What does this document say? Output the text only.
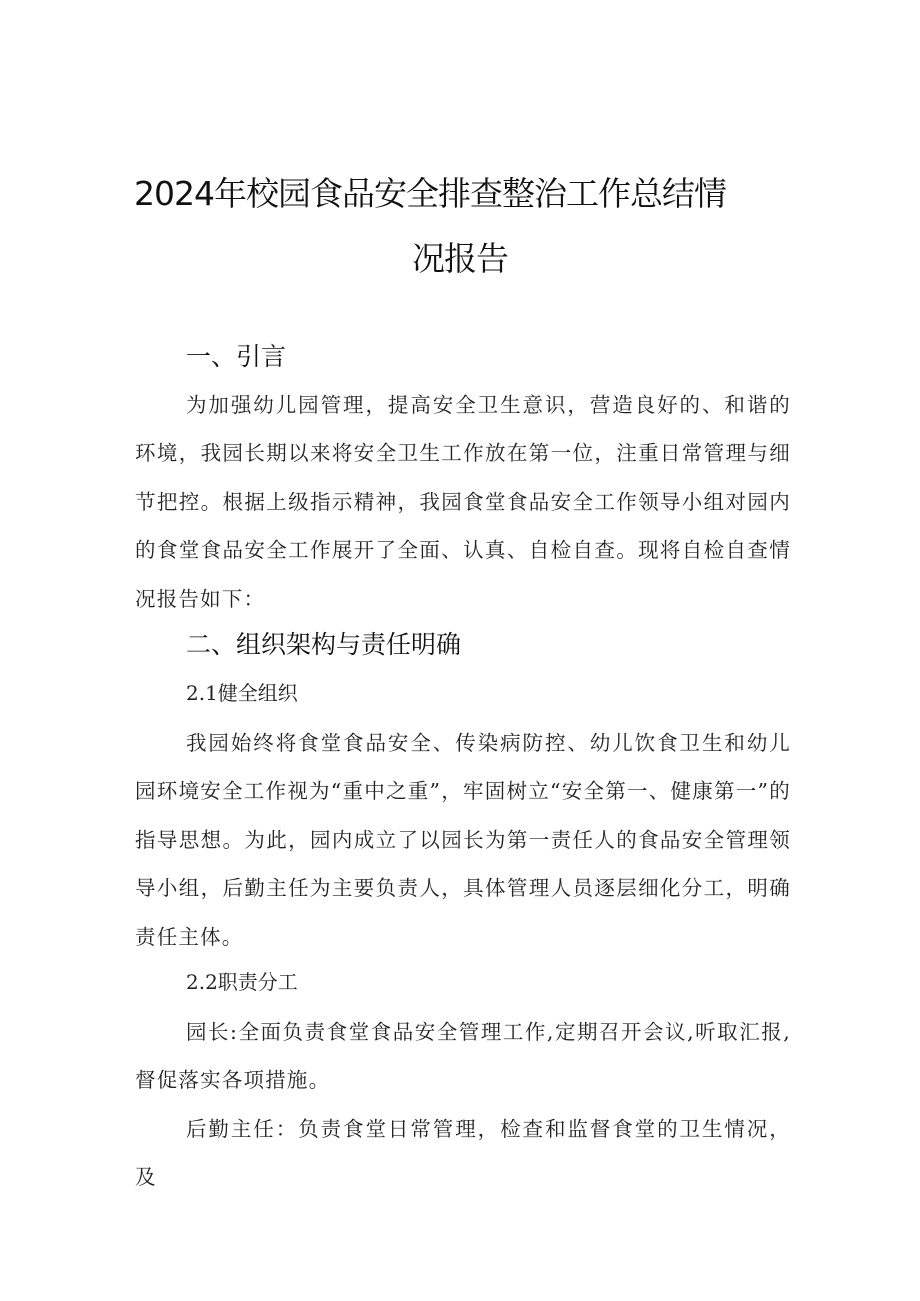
2024年校园食品安全排查整治工作总结情
况报告
一、引言

为加强幼儿园管理，提高安全卫生意识，营造良好的、和谐的环境，我园长期以来将安全卫生工作放在第一位，注重日常管理与细节把控。根据上级指示精神，我园食堂食品安全工作领导小组对园内的食堂食品安全工作展开了全面、认真、自检自查。现将自检自查情况报告如下：

二、组织架构与责任明确
2.1健全组织

我园始终将食堂食品安全、传染病防控、幼儿饮食卫生和幼儿园环境安全工作视为“重中之重”，牢固树立“安全第一、健康第一”的指导思想。为此，园内成立了以园长为第一责任人的食品安全管理领导小组，后勤主任为主要负责人，具体管理人员逐层细化分工，明确责任主体。

2.2职责分工

园长:全面负责食堂食品安全管理工作,定期召开会议,听取汇报,督促落实各项措施。

后勤主任：负责食堂日常管理，检查和监督食堂的卫生情况，及
